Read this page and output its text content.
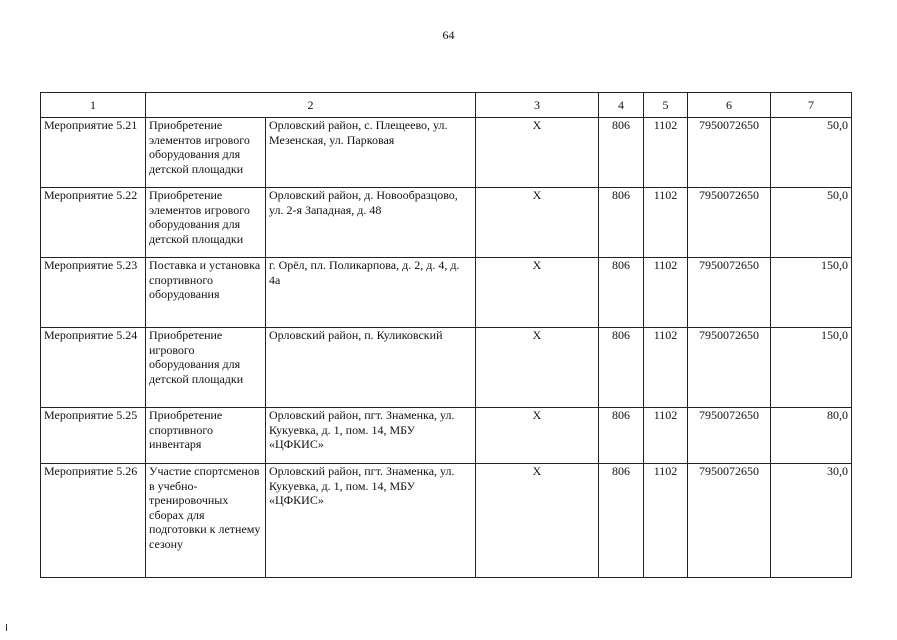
64
1	2		3	4	5	6	7
Мероприятие 5.21	Приобретение элементов игрового оборудования для детской площадки	Орловский район, с. Плещеево, ул. Мезенская, ул. Парковая	Х	806	1102	7950072650	50,0
Мероприятие 5.22	Приобретение элементов игрового оборудования для детской площадки	Орловский район, д. Новообразцово, ул. 2-я Западная, д. 48	Х	806	1102	7950072650	50,0
Мероприятие 5.23	Поставка и установка спортивного оборудования	г. Орёл, пл. Поликарпова, д. 2, д. 4, д. 4а	Х	806	1102	7950072650	150,0
Мероприятие 5.24	Приобретение игрового оборудования для детской площадки	Орловский район, п. Куликовский	Х	806	1102	7950072650	150,0
Мероприятие 5.25	Приобретение спортивного инвентаря	Орловский район, пгт. Знаменка, ул. Кукуевка, д. 1, пом. 14, МБУ «ЦФКИС»	Х	806	1102	7950072650	80,0
Мероприятие 5.26	Участие спортсменов в учебно-тренировочных сборах для подготовки к летнему сезону	Орловский район, пгт. Знаменка, ул. Кукуевка, д. 1, пом. 14, МБУ «ЦФКИС»	Х	806	1102	7950072650	30,0
